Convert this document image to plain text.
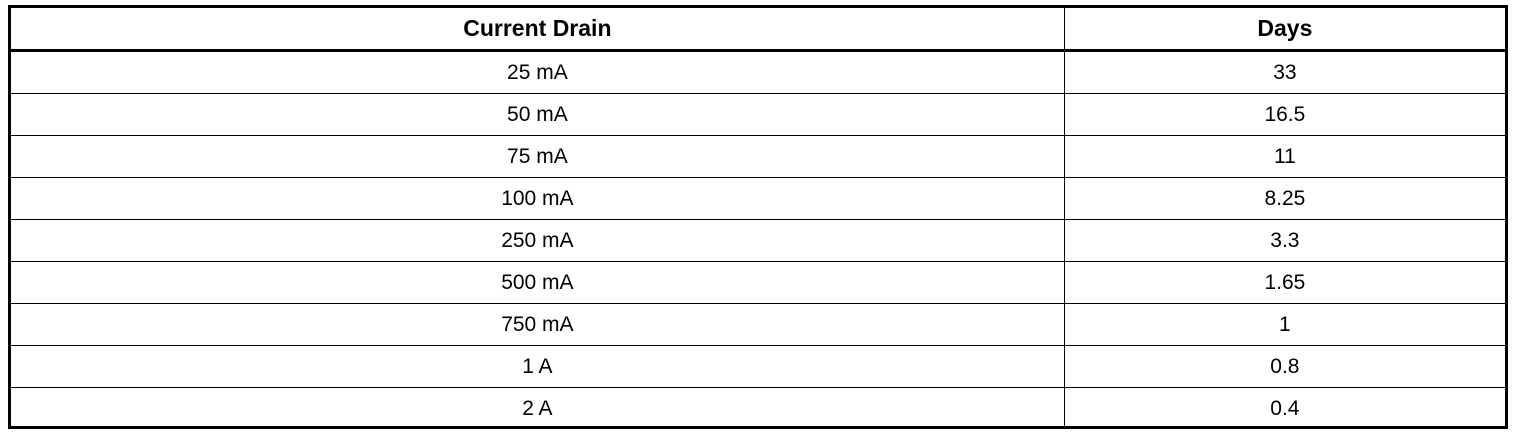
Current Drain	Days
25 mA	33
50 mA	16.5
75 mA	11
100 mA	8.25
250 mA	3.3
500 mA	1.65
750 mA	1
1 A	0.8
2 A	0.4
